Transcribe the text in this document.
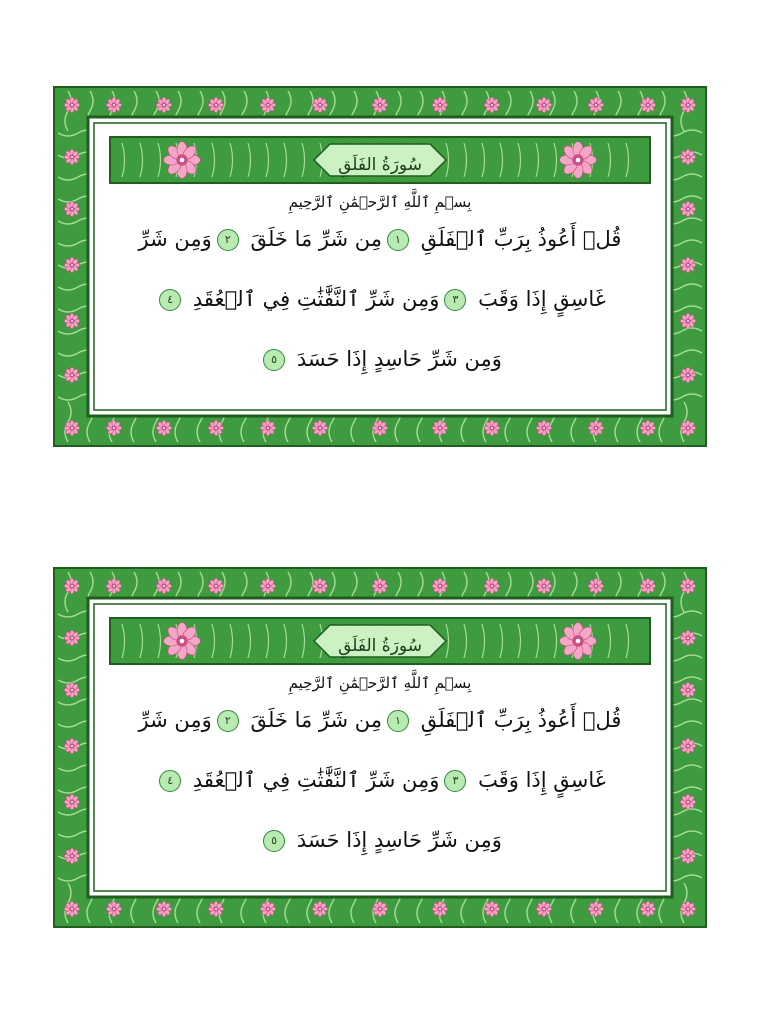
سُورَةُ الفَلَقِ
بِسۡمِ ٱللَّهِ ٱلرَّحۡمَٰنِ ٱلرَّحِيمِ
قُلۡ أَعُوذُ بِرَبِّ ٱلۡفَلَقِ ١مِن شَرِّ مَا خَلَقَ ٢وَمِن شَرِّ
غَاسِقٍ إِذَا وَقَبَ ٣وَمِن شَرِّ ٱلنَّفَّٰثَٰتِ فِي ٱلۡعُقَدِ ٤
وَمِن شَرِّ حَاسِدٍ إِذَا حَسَدَ ٥
سُورَةُ الفَلَقِ
بِسۡمِ ٱللَّهِ ٱلرَّحۡمَٰنِ ٱلرَّحِيمِ
قُلۡ أَعُوذُ بِرَبِّ ٱلۡفَلَقِ ١مِن شَرِّ مَا خَلَقَ ٢وَمِن شَرِّ
غَاسِقٍ إِذَا وَقَبَ ٣وَمِن شَرِّ ٱلنَّفَّٰثَٰتِ فِي ٱلۡعُقَدِ ٤
وَمِن شَرِّ حَاسِدٍ إِذَا حَسَدَ ٥
